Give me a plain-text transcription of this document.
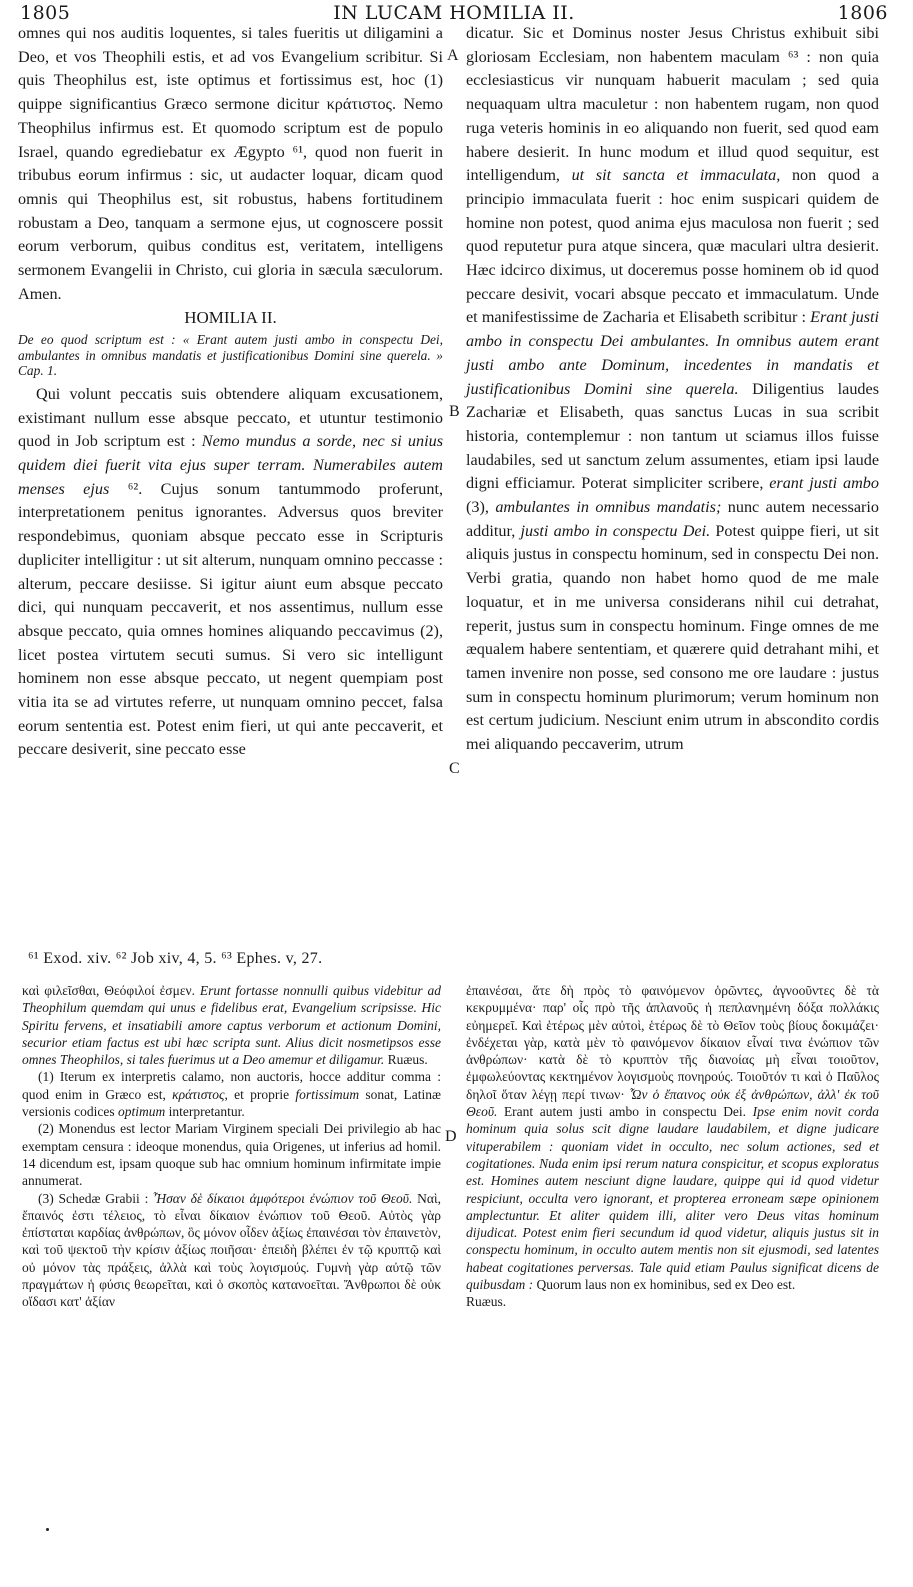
1805	IN LUCAM HOMILIA II.	1806
A
B
C
D

omnes qui nos auditis loquentes, si tales fueritis ut diligamini a Deo, et vos Theophili estis, et ad vos Evangelium scribitur. Si quis Theophilus est, iste optimus et fortissimus est, hoc (1) quippe significantius Græco sermone dicitur κράτιστος. Nemo Theophilus infirmus est. Et quomodo scriptum est de populo Israel, quando egrediebatur ex Ægypto ⁶¹, quod non fuerit in tribubus eorum infirmus : sic, ut audacter loquar, dicam quod omnis qui Theophilus est, sit robustus, habens fortitudinem robustam a Deo, tanquam a sermone ejus, ut cognoscere possit eorum verborum, quibus conditus est, veritatem, intelligens sermonem Evangelii in Christo, cui gloria in sæcula sæculorum. Amen.

HOMILIA II.

De eo quod scriptum est : « Erant autem justi ambo in conspectu Dei, ambulantes in omnibus mandatis et justificationibus Domini sine querela. » Cap. 1.

Qui volunt peccatis suis obtendere aliquam excusationem, existimant nullum esse absque peccato, et utuntur testimonio quod in Job scriptum est : Nemo mundus a sorde, nec si unius quidem diei fuerit vita ejus super terram. Numerabiles autem menses ejus ⁶². Cujus sonum tantummodo proferunt, interpretationem penitus ignorantes. Adversus quos breviter respondebimus, quoniam absque peccato esse in Scripturis dupliciter intelligitur : ut sit alterum, nunquam omnino peccasse : alterum, peccare desiisse. Si igitur aiunt eum absque peccato dici, qui nunquam peccaverit, et nos assentimus, nullum esse absque peccato, quia omnes homines aliquando peccavimus (2), licet postea virtutem secuti sumus. Si vero sic intelligunt hominem non esse absque peccato, ut negent quempiam post vitia ita se ad virtutes referre, ut nunquam omnino peccet, falsa eorum sententia est. Potest enim fieri, ut qui ante peccaverit, et peccare desiverit, sine peccato esse

dicatur. Sic et Dominus noster Jesus Christus exhibuit sibi gloriosam Ecclesiam, non habentem maculam ⁶³ : non quia ecclesiasticus vir nunquam habuerit maculam ; sed quia nequaquam ultra maculetur : non habentem rugam, non quod ruga veteris hominis in eo aliquando non fuerit, sed quod eam habere desierit. In hunc modum et illud quod sequitur, est intelligendum, ut sit sancta et immaculata, non quod a principio immaculata fuerit : hoc enim suspicari quidem de homine non potest, quod anima ejus maculosa non fuerit ; sed quod reputetur pura atque sincera, quæ maculari ultra desierit. Hæc idcirco diximus, ut doceremus posse hominem ob id quod peccare desivit, vocari absque peccato et immaculatum. Unde et manifestissime de Zacharia et Elisabeth scribitur : Erant justi ambo in conspectu Dei ambulantes. In omnibus autem erant justi ambo ante Dominum, incedentes in mandatis et justificationibus Domini sine querela. Diligentius laudes Zachariæ et Elisabeth, quas sanctus Lucas in sua scribit historia, contemplemur : non tantum ut sciamus illos fuisse laudabiles, sed ut sanctum zelum assumentes, etiam ipsi laude digni efficiamur. Poterat simpliciter scribere, erant justi ambo (3), ambulantes in omnibus mandatis; nunc autem necessario additur, justi ambo in conspectu Dei. Potest quippe fieri, ut sit aliquis justus in conspectu hominum, sed in conspectu Dei non. Verbi gratia, quando non habet homo quod de me male loquatur, et in me universa considerans nihil cui detrahat, reperit, justus sum in conspectu hominum. Finge omnes de me æqualem habere sententiam, et quærere quid detrahant mihi, et tamen invenire non posse, sed consono me ore laudare : justus sum in conspectu hominum plurimorum; verum hominum non est certum judicium. Nesciunt enim utrum in abscondito cordis mei aliquando peccaverim, utrum

⁶¹ Exod. xiv. ⁶² Job xiv, 4, 5. ⁶³ Ephes. v, 27.

καὶ φιλεῖσθαι, Θεόφιλοί ἐσμεν. Erunt fortasse nonnulli quibus videbitur ad Theophilum quemdam qui unus e fidelibus erat, Evangelium scripsisse. Hic Spiritu fervens, et insatiabili amore captus verborum et actionum Domini, securior etiam factus est ubi hæc scripta sunt. Alius dicit nosmetipsos esse omnes Theophilos, si tales fuerimus ut a Deo amemur et diligamur. Ruæus.

(1) Iterum ex interpretis calamo, non auctoris, hocce additur comma : quod enim in Græco est, κράτιστος, et proprie fortissimum sonat, Latinæ versionis codices optimum interpretantur.

(2) Monendus est lector Mariam Virginem speciali Dei privilegio ab hac exemptam censura : ideoque monendus, quia Origenes, ut inferius ad homil. 14 dicendum est, ipsam quoque sub hac omnium hominum infirmitate impie annumerat.

(3) Schedæ Grabii : Ἦσαν δὲ δίκαιοι ἀμφότεροι ἐνώπιον τοῦ Θεοῦ. Ναὶ, ἔπαινός ἐστι τέλειος, τὸ εἶναι δίκαιον ἐνώπιον τοῦ Θεοῦ. Αὐτὸς γὰρ ἐπίσταται καρδίας ἀνθρώπων, ὃς μόνον οἶδεν ἀξίως ἐπαινέσαι τὸν ἐπαινετὸν, καὶ τοῦ ψεκτοῦ τὴν κρίσιν ἀξίως ποιῆσαι· ἐπειδὴ βλέπει ἐν τῷ κρυπτῷ καὶ οὐ μόνον τὰς πράξεις, ἀλλὰ καὶ τοὺς λογισμούς. Γυμνὴ γὰρ αὐτῷ τῶν πραγμάτων ἡ φύσις θεωρεῖται, καὶ ὁ σκοπὸς κατανοεῖται. Ἄνθρωποι δὲ οὐκ οἴδασι κατ' ἀξίαν

ἐπαινέσαι, ἅτε δὴ πρὸς τὸ φαινόμενον ὁρῶντες, ἀγνοοῦντες δὲ τὰ κεκρυμμένα· παρ' οἷς πρὸ τῆς ἀπλανοῦς ἡ πεπλανημένη δόξα πολλάκις εὐημερεῖ. Καὶ ἑτέρως μὲν αὐτοὶ, ἑτέρως δὲ τὸ Θεῖον τοὺς βίους δοκιμάζει· ἐνδέχεται γὰρ, κατὰ μὲν τὸ φαινόμενον δίκαιον εἶναί τινα ἐνώπιον τῶν ἀνθρώπων· κατὰ δὲ τὸ κρυπτὸν τῆς διανοίας μὴ εἶναι τοιοῦτον, ἐμφωλεύοντας κεκτημένον λογισμοὺς πονηρούς. Τοιοῦτόν τι καὶ ὁ Παῦλος δηλοῖ ὅταν λέγῃ περί τινων· Ὧν ὁ ἔπαινος οὐκ ἐξ ἀνθρώπων, ἀλλ' ἐκ τοῦ Θεοῦ. Erant autem justi ambo in conspectu Dei. Ipse enim novit corda hominum quia solus scit digne laudare laudabilem, et digne judicare vituperabilem : quoniam videt in occulto, nec solum actiones, sed et cogitationes. Nuda enim ipsi rerum natura conspicitur, et scopus exploratus est. Homines autem nesciunt digne laudare, quippe qui id quod videtur respiciunt, occulta vero ignorant, et propterea erroneam sæpe opinionem amplectuntur. Et aliter quidem illi, aliter vero Deus vitas hominum dijudicat. Potest enim fieri secundum id quod videtur, aliquis justus sit in conspectu hominum, in occulto autem mentis non sit ejusmodi, sed latentes habeat cogitationes perversas. Tale quid etiam Paulus significat dicens de quibusdam : Quorum laus non ex hominibus, sed ex Deo est.

Ruæus.
